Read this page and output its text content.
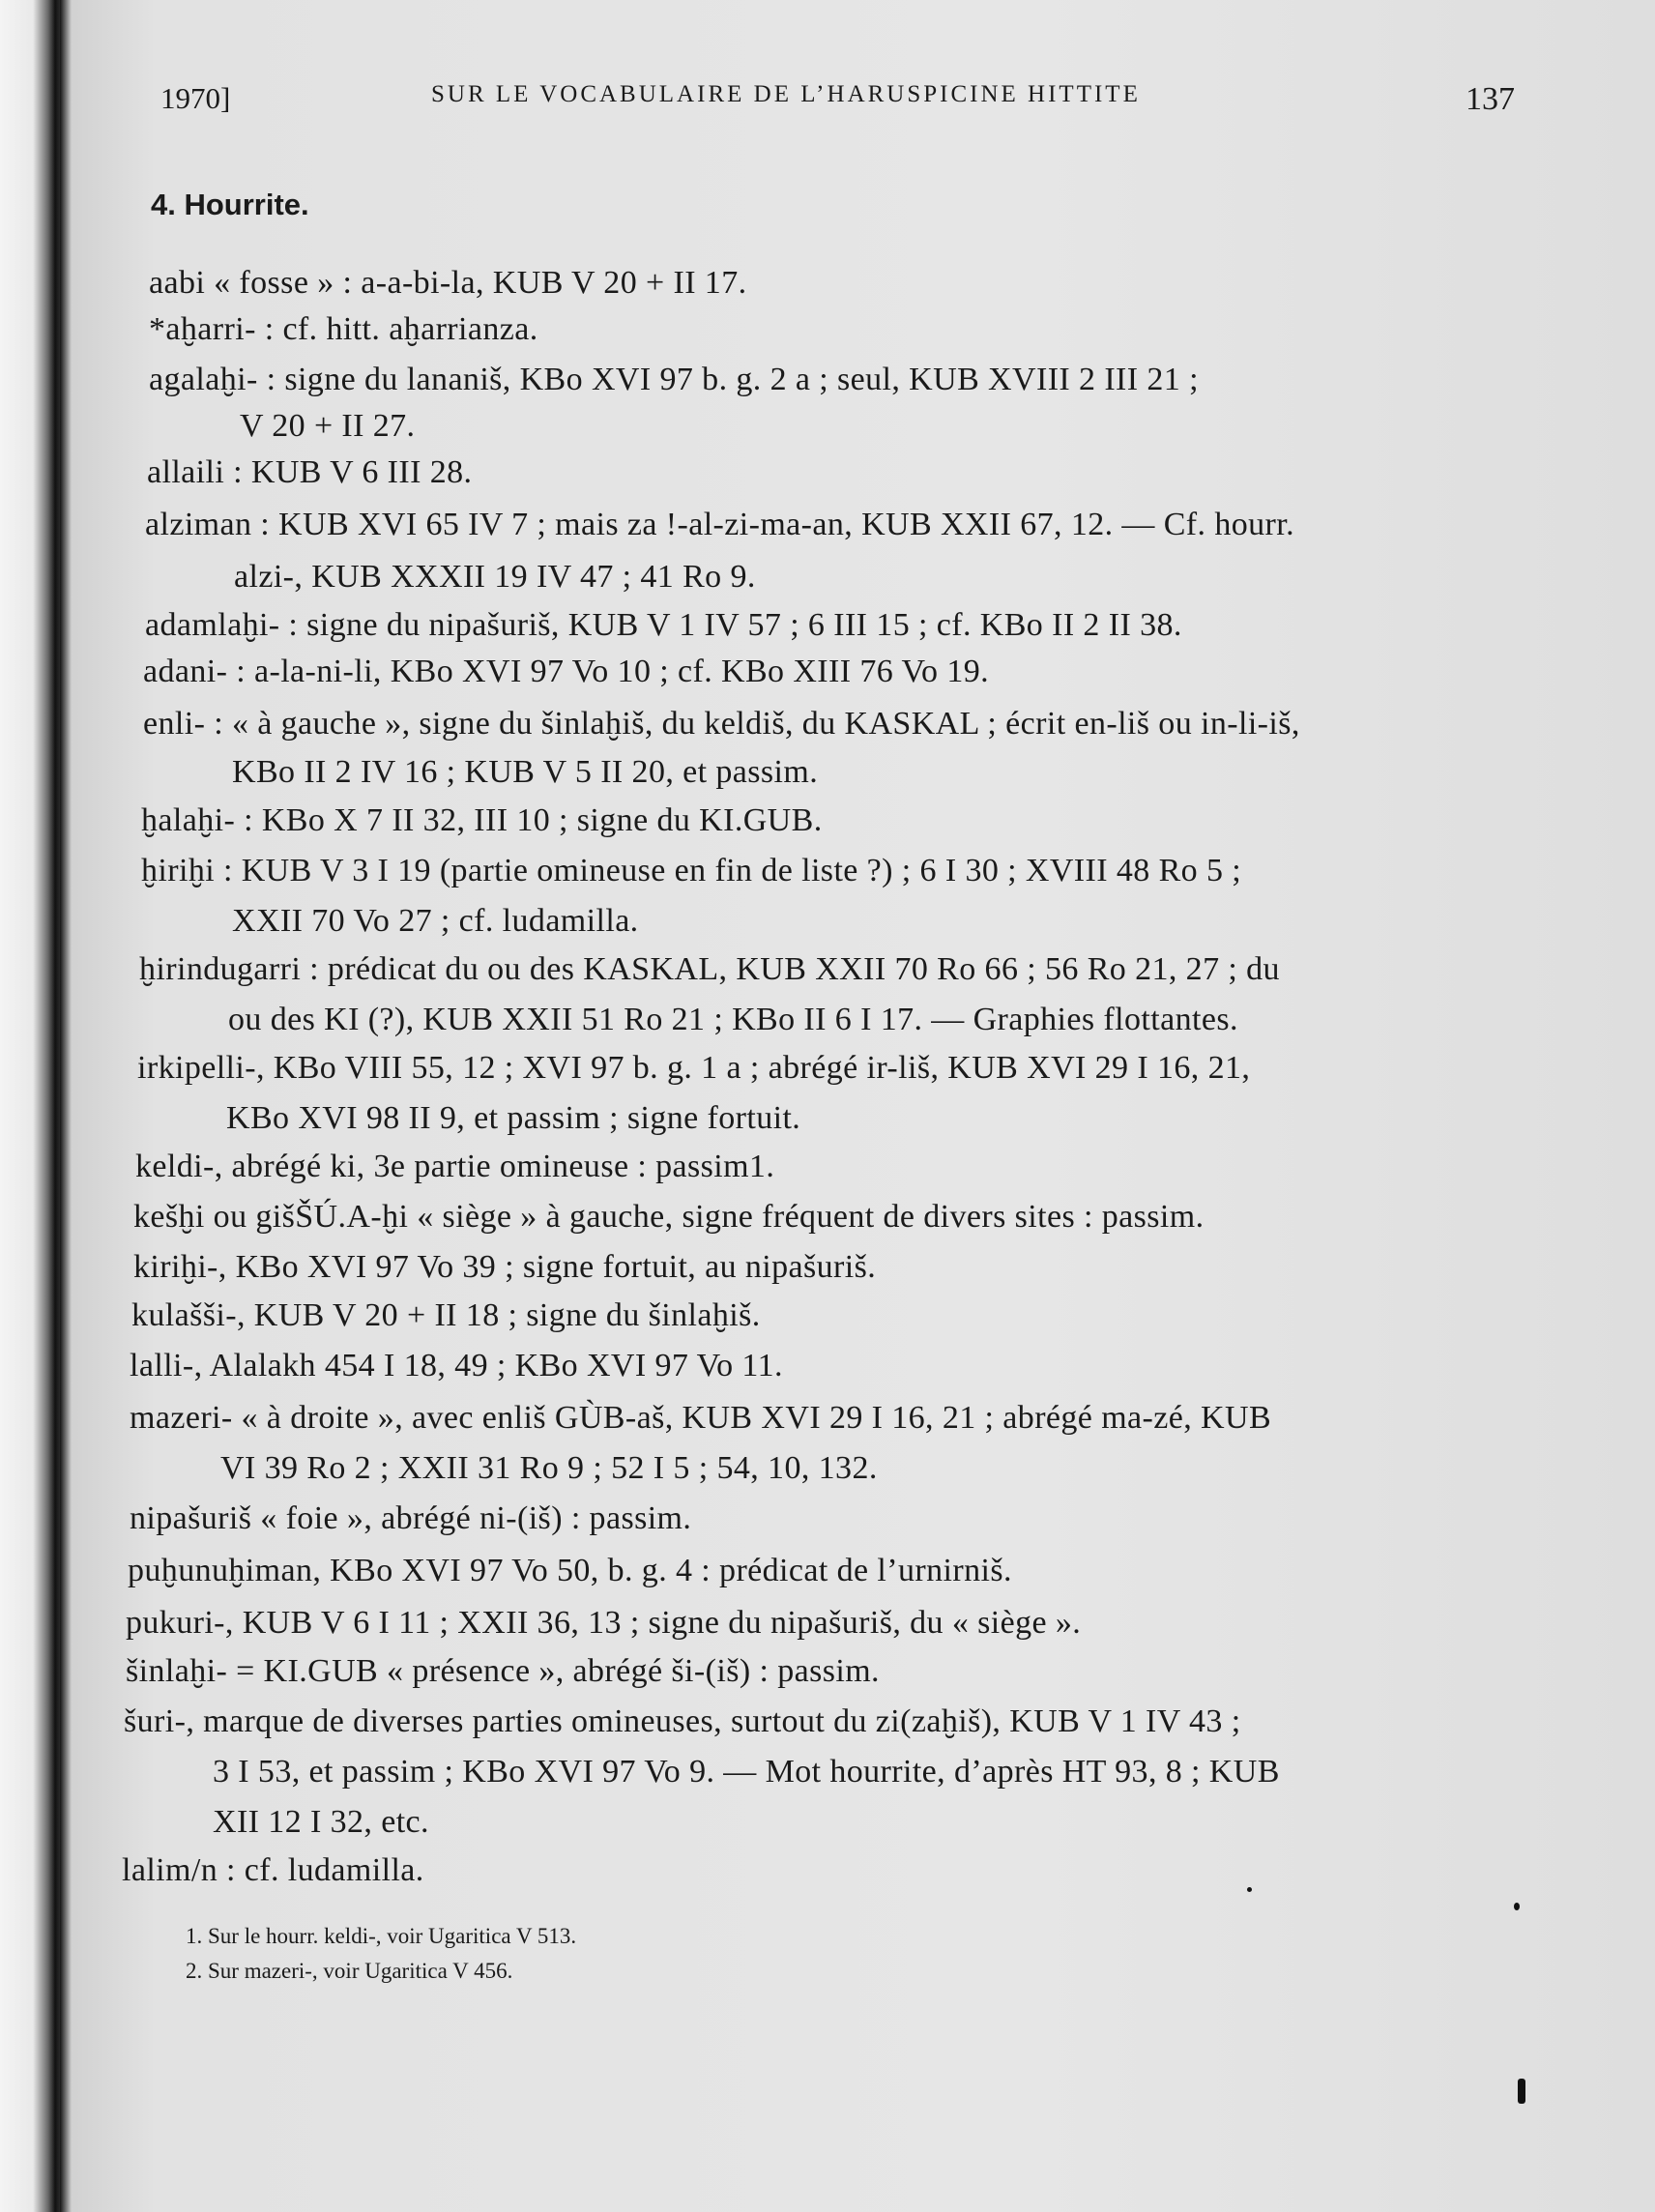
1970]	SUR LE VOCABULAIRE DE L’HARUSPICINE HITTITE	137
4. Hourrite.
aabi « fosse » : a-a-bi-la, KUB V 20 + II 17.
*aḫarri- : cf. hitt. aḫarrianza.
agalaḫi- : signe du lananiš, KBo XVI 97 b. g. 2 a ; seul, KUB XVIII 2 III 21 ;
V 20 + II 27.
allaili : KUB V 6 III 28.
alziman : KUB XVI 65 IV 7 ; mais za !-al-zi-ma-an, KUB XXII 67, 12. — Cf. hourr.
alzi-, KUB XXXII 19 IV 47 ; 41 Ro 9.
adamlaḫi- : signe du nipašuriš, KUB V 1 IV 57 ; 6 III 15 ; cf. KBo II 2 II 38.
adani- : a-la-ni-li, KBo XVI 97 Vo 10 ; cf. KBo XIII 76 Vo 19.
enli- : « à gauche », signe du šinlaḫiš, du keldiš, du KASKAL ; écrit en-liš ou in-li-iš,
KBo II 2 IV 16 ; KUB V 5 II 20, et passim.
ḫalaḫi- : KBo X 7 II 32, III 10 ; signe du KI.GUB.
ḫiriḫi : KUB V 3 I 19 (partie omineuse en fin de liste ?) ; 6 I 30 ; XVIII 48 Ro 5 ;
XXII 70 Vo 27 ; cf. ludamilla.
ḫirindugarri : prédicat du ou des KASKAL, KUB XXII 70 Ro 66 ; 56 Ro 21, 27 ; du
ou des KI (?), KUB XXII 51 Ro 21 ; KBo II 6 I 17. — Graphies flottantes.
irkipelli-, KBo VIII 55, 12 ; XVI 97 b. g. 1 a ; abrégé ir-liš, KUB XVI 29 I 16, 21,
KBo XVI 98 II 9, et passim ; signe fortuit.
keldi-, abrégé ki, 3e partie omineuse : passim1.
kešḫi ou gišŠÚ.A-ḫi « siège » à gauche, signe fréquent de divers sites : passim.
kiriḫi-, KBo XVI 97 Vo 39 ; signe fortuit, au nipašuriš.
kulašši-, KUB V 20 + II 18 ; signe du šinlaḫiš.
lalli-, Alalakh 454 I 18, 49 ; KBo XVI 97 Vo 11.
mazeri- « à droite », avec enliš GÙB-aš, KUB XVI 29 I 16, 21 ; abrégé ma-zé, KUB
VI 39 Ro 2 ; XXII 31 Ro 9 ; 52 I 5 ; 54, 10, 132.
nipašuriš « foie », abrégé ni-(iš) : passim.
puḫunuḫiman, KBo XVI 97 Vo 50, b. g. 4 : prédicat de l’urnirniš.
pukuri-, KUB V 6 I 11 ; XXII 36, 13 ; signe du nipašuriš, du « siège ».
šinlaḫi- = KI.GUB « présence », abrégé ši-(iš) : passim.
šuri-, marque de diverses parties omineuses, surtout du zi(zaḫiš), KUB V 1 IV 43 ;
3 I 53, et passim ; KBo XVI 97 Vo 9. — Mot hourrite, d’après HT 93, 8 ; KUB
XII 12 I 32, etc.
lalim/n : cf. ludamilla.
1. Sur le hourr. keldi-, voir Ugaritica V 513.
2. Sur mazeri-, voir Ugaritica V 456.
